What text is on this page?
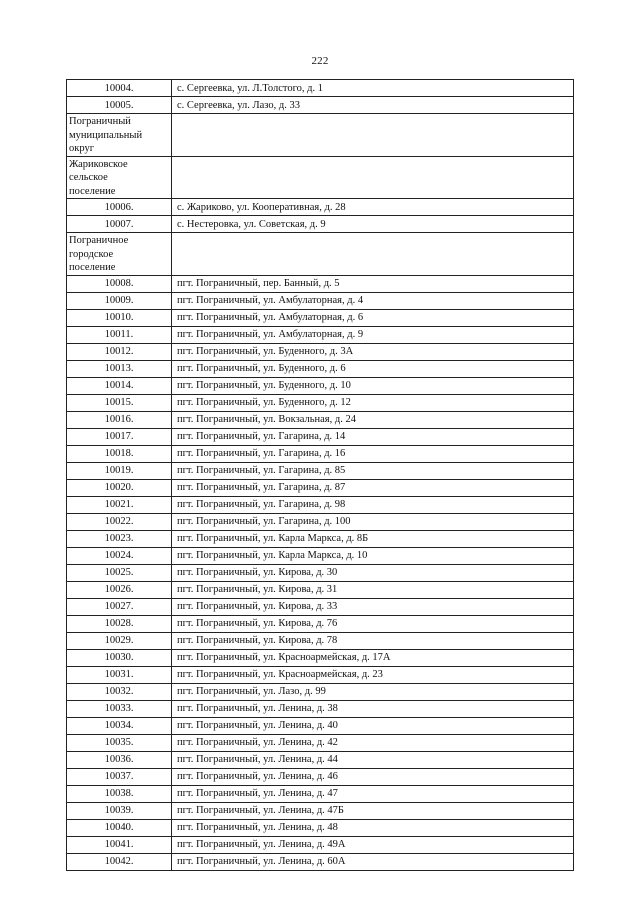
222
10004.	с. Сергеевка, ул. Л.Толстого, д. 1
10005.	с. Сергеевка, ул. Лазо, д. 33

Пограничный
муниципальный
округ	

Жариковское
сельское
поселение	

10006.	с. Жариково, ул. Кооперативная, д. 28
10007.	с. Нестеровка, ул. Советская, д. 9

Пограничное
городское
поселение	

10008.	пгт. Пограничный, пер. Банный, д. 5
10009.	пгт. Пограничный, ул. Амбулаторная, д. 4
10010.	пгт. Пограничный, ул. Амбулаторная, д. 6
10011.	пгт. Пограничный, ул. Амбулаторная, д. 9
10012.	пгт. Пограничный, ул. Буденного, д. 3А
10013.	пгт. Пограничный, ул. Буденного, д. 6
10014.	пгт. Пограничный, ул. Буденного, д. 10
10015.	пгт. Пограничный, ул. Буденного, д. 12
10016.	пгт. Пограничный, ул. Вокзальная, д. 24
10017.	пгт. Пограничный, ул. Гагарина, д. 14
10018.	пгт. Пограничный, ул. Гагарина, д. 16
10019.	пгт. Пограничный, ул. Гагарина, д. 85
10020.	пгт. Пограничный, ул. Гагарина, д. 87
10021.	пгт. Пограничный, ул. Гагарина, д. 98
10022.	пгт. Пограничный, ул. Гагарина, д. 100
10023.	пгт. Пограничный, ул. Карла Маркса, д. 8Б
10024.	пгт. Пограничный, ул. Карла Маркса, д. 10
10025.	пгт. Пограничный, ул. Кирова, д. 30
10026.	пгт. Пограничный, ул. Кирова, д. 31
10027.	пгт. Пограничный, ул. Кирова, д. 33
10028.	пгт. Пограничный, ул. Кирова, д. 76
10029.	пгт. Пограничный, ул. Кирова, д. 78
10030.	пгт. Пограничный, ул. Красноармейская, д. 17А
10031.	пгт. Пограничный, ул. Красноармейская, д. 23
10032.	пгт. Пограничный, ул. Лазо, д. 99
10033.	пгт. Пограничный, ул. Ленина, д. 38
10034.	пгт. Пограничный, ул. Ленина, д. 40
10035.	пгт. Пограничный, ул. Ленина, д. 42
10036.	пгт. Пограничный, ул. Ленина, д. 44
10037.	пгт. Пограничный, ул. Ленина, д. 46
10038.	пгт. Пограничный, ул. Ленина, д. 47
10039.	пгт. Пограничный, ул. Ленина, д. 47Б
10040.	пгт. Пограничный, ул. Ленина, д. 48
10041.	пгт. Пограничный, ул. Ленина, д. 49А
10042.	пгт. Пограничный, ул. Ленина, д. 60А
